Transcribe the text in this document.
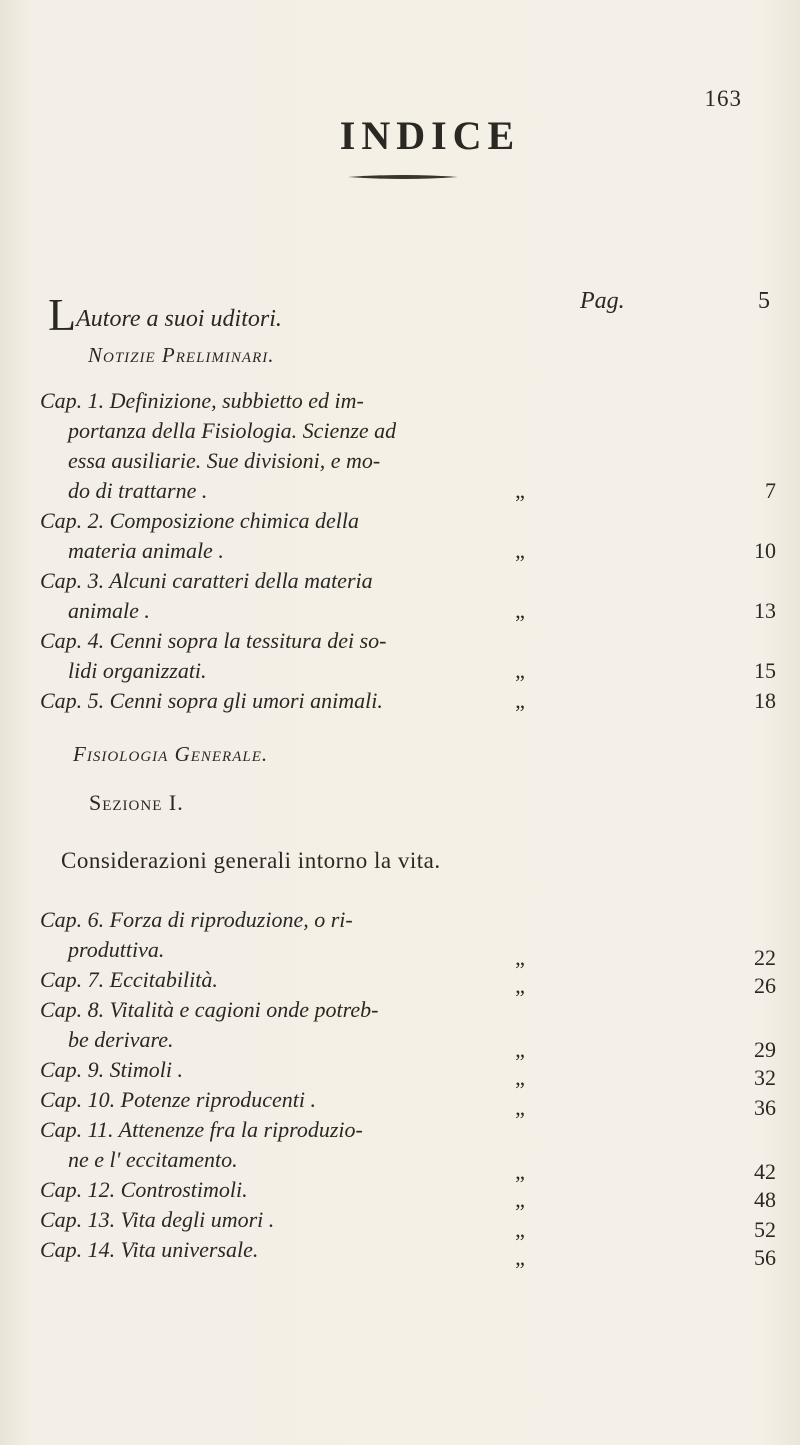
163
INDICE
LAutore a suoi uditori.
Pag.	5
Notizie Preliminari.
Cap. 1. Definizione, subbietto ed im-
portanza della Fisiologia. Scienze ad
essa ausiliarie. Sue divisioni, e mo-
do di trattarne .	„	7
Cap. 2. Composizione chimica della
materia animale .	„	10
Cap. 3. Alcuni caratteri della materia
animale .	„	13
Cap. 4. Cenni sopra la tessitura dei so-
lidi organizzati.	„	15
Cap. 5. Cenni sopra gli umori animali.	„	18
Fisiologia Generale.
Sezione I.
Considerazioni generali intorno la vita.
Cap. 6. Forza di riproduzione, o ri-
produttiva.	„	22
Cap. 7. Eccitabilità.	„	26
Cap. 8. Vitalità e cagioni onde potreb-
be derivare.	„	29
Cap. 9. Stimoli .	„	32
Cap. 10. Potenze riproducenti .	„	36
Cap. 11. Attenenze fra la riproduzio-
ne e l' eccitamento.	„	42
Cap. 12. Controstimoli.	„	48
Cap. 13. Vita degli umori .	„	52
Cap. 14. Vita universale.	„	56
